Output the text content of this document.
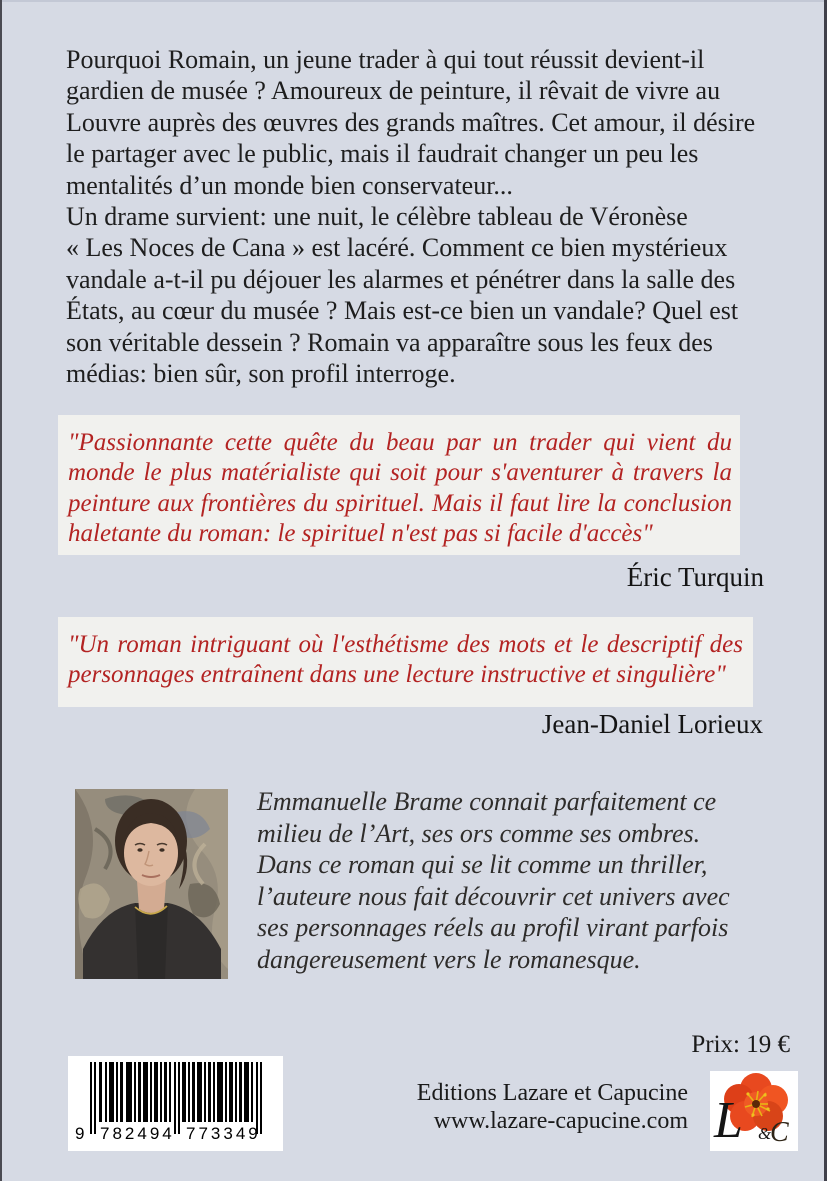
Pourquoi Romain, un jeune trader à qui tout réussit devient-il
gardien de musée ? Amoureux de peinture, il rêvait de vivre au
Louvre auprès des œuvres des grands maîtres. Cet amour, il désire
le partager avec le public, mais il faudrait changer un peu les
mentalités d’un monde bien conservateur...
Un drame survient: une nuit, le célèbre tableau de Véronèse
« Les Noces de Cana » est lacéré. Comment ce bien mystérieux
vandale a-t-il pu déjouer les alarmes et pénétrer dans la salle des
États, au cœur du musée ? Mais est-ce bien un vandale? Quel est
son véritable dessein ? Romain va apparaître sous les feux des
médias: bien sûr, son profil interroge.
"Passionnante cette quête du beau par un trader qui vient du
monde le plus matérialiste qui soit pour s'aventurer à travers la
peinture aux frontières du spirituel. Mais il faut lire la conclusion
haletante du roman: le spirituel n'est pas si facile d'accès"
Éric Turquin
"Un roman intriguant où l'esthétisme des mots et le descriptif des
personnages entraînent dans une lecture instructive et singulière"
Jean-Daniel Lorieux
Emmanuelle Brame connait parfaitement ce
milieu de l’Art, ses ors comme ses ombres.
Dans ce roman qui se lit comme un thriller,
l’auteure nous fait découvrir cet univers avec
ses personnages réels au profil virant parfois
dangereusement vers le romanesque.
Prix: 19 €
9 782494 773349
Editions Lazare et Capucine
www.lazare-capucine.com L &
C
